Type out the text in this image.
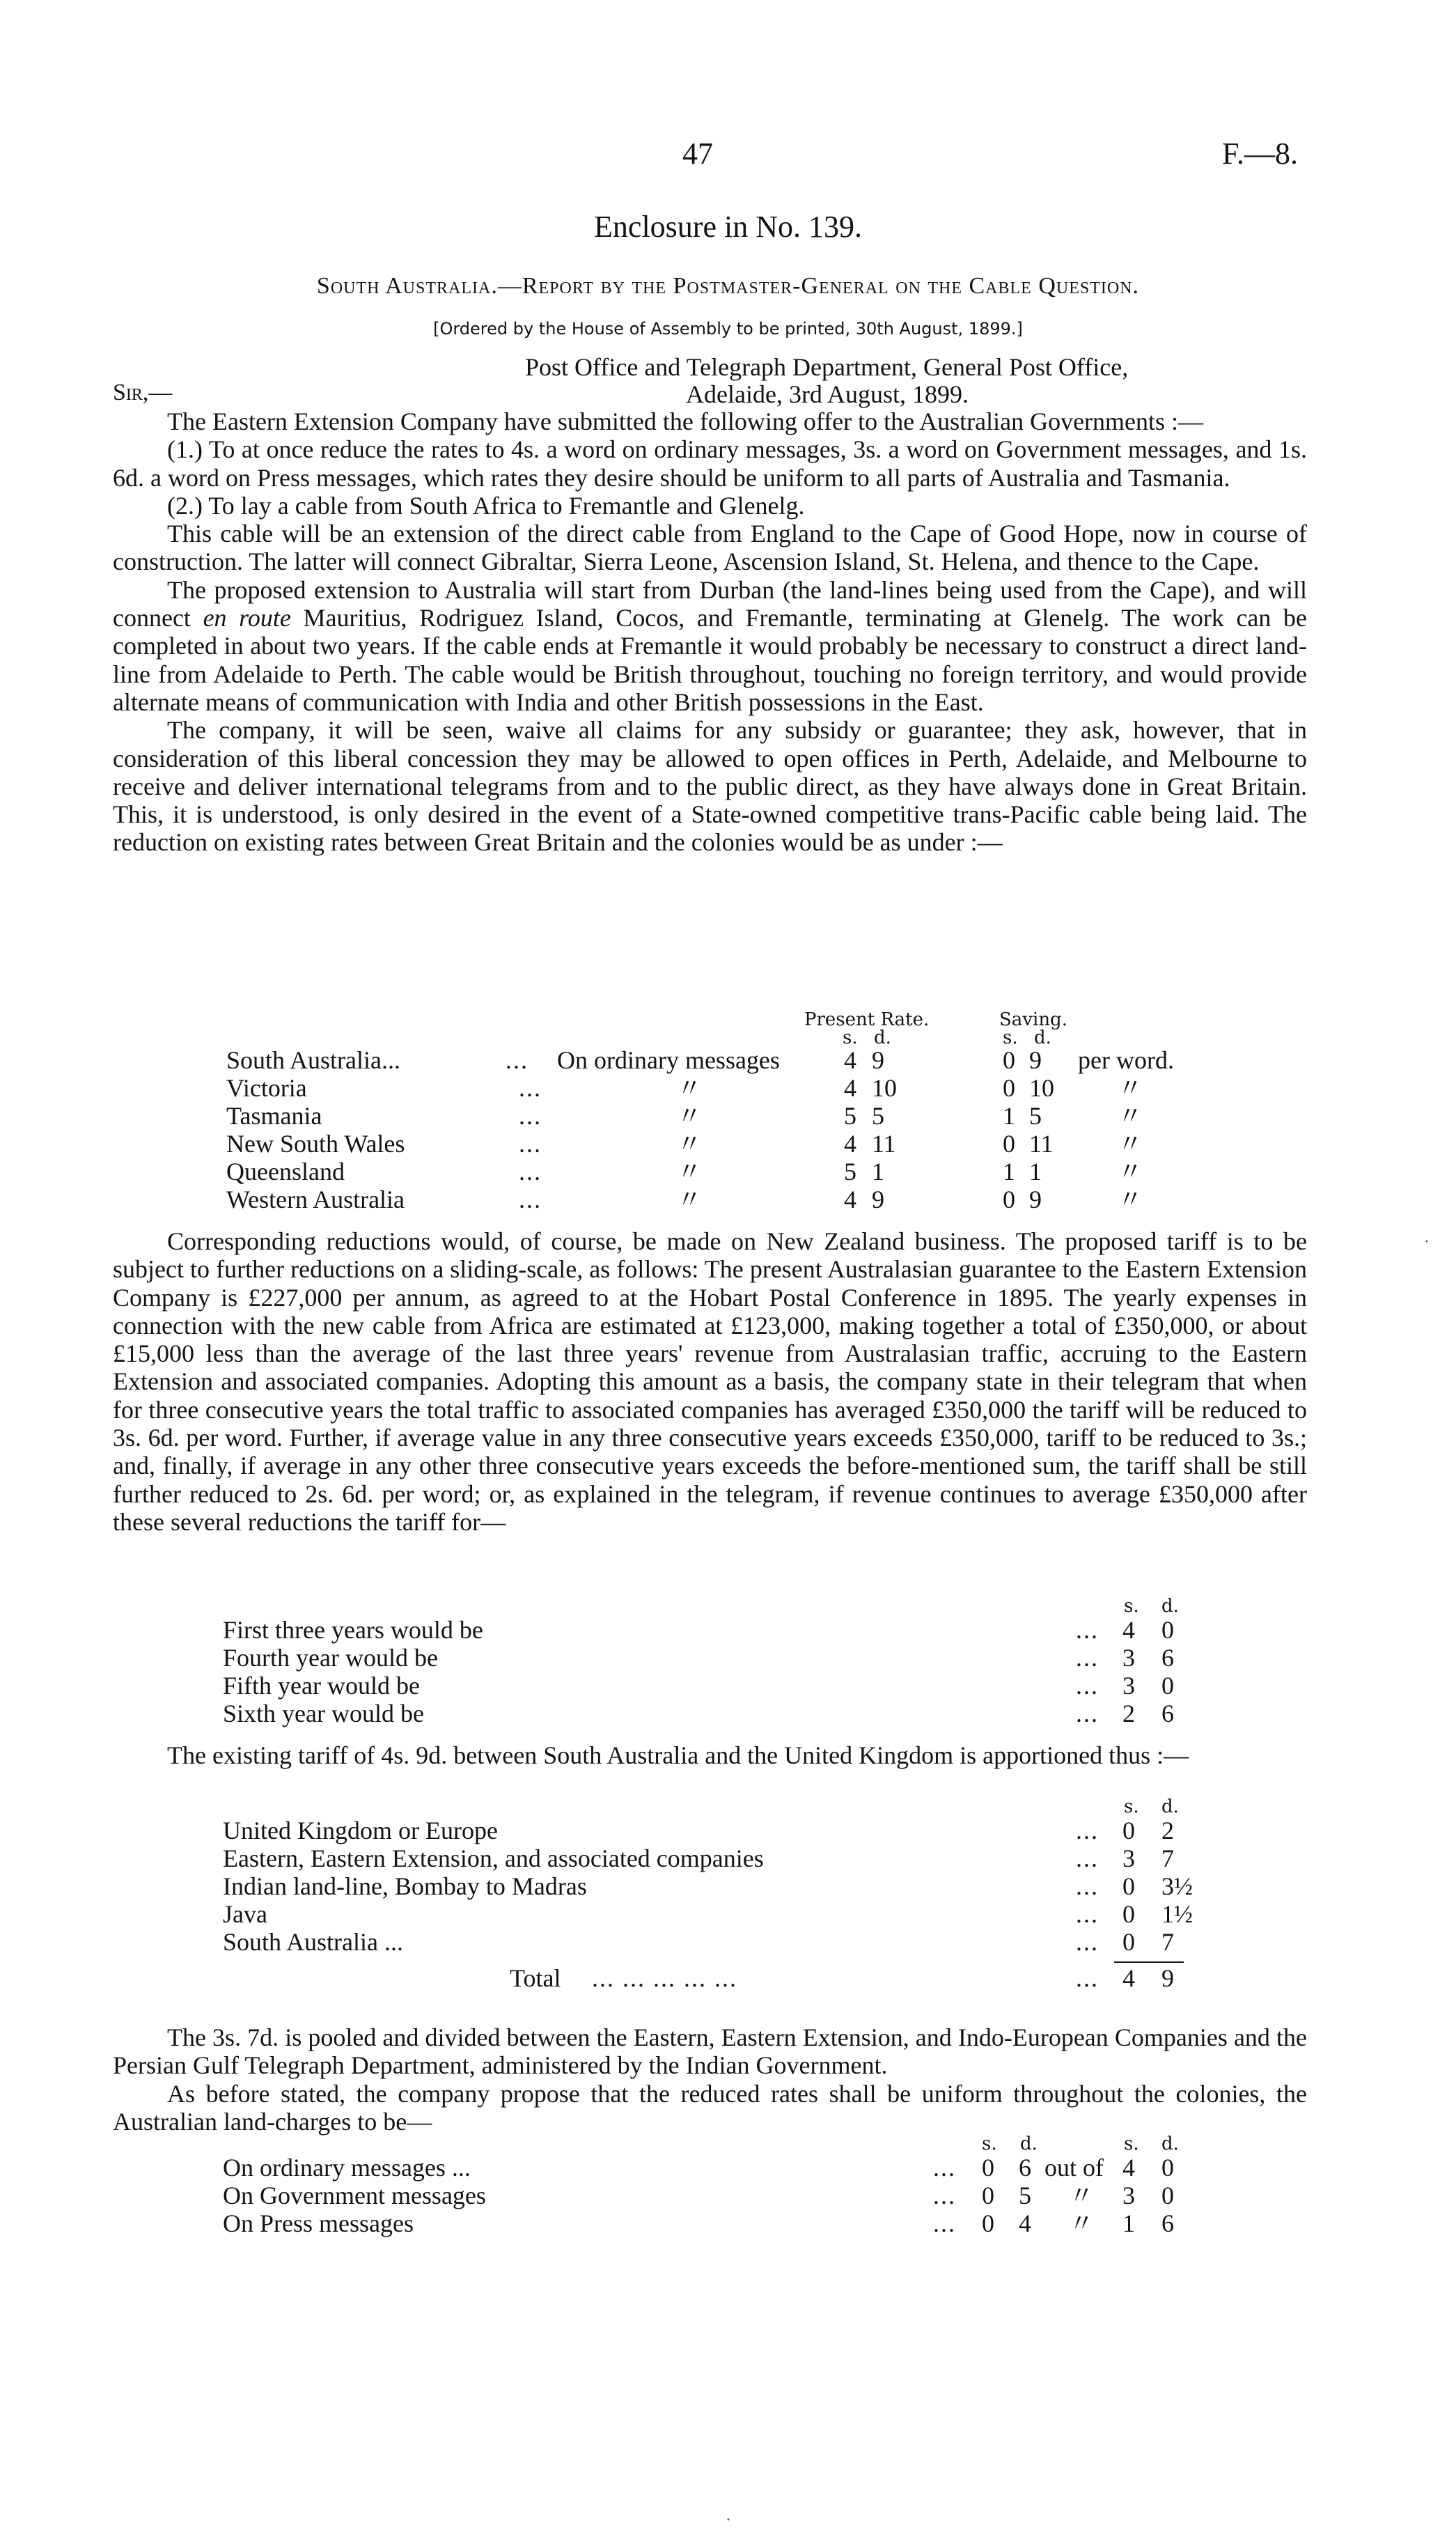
47	F.—8.
Enclosure in No. 139.
South Australia.—Report by the Postmaster-General on the Cable Question.
[Ordered by the House of Assembly to be printed, 30th August, 1899.]
Post Office and Telegraph Department, General Post Office,
Adelaide, 3rd August, 1899.
Sir,—

The Eastern Extension Company have submitted the following offer to the Australian Governments :—

(1.) To at once reduce the rates to 4s. a word on ordinary messages, 3s. a word on Government messages, and 1s. 6d. a word on Press messages, which rates they desire should be uniform to all parts of Australia and Tasmania.

(2.) To lay a cable from South Africa to Fremantle and Glenelg.

This cable will be an extension of the direct cable from England to the Cape of Good Hope, now in course of construction. The latter will connect Gibraltar, Sierra Leone, Ascension Island, St. Helena, and thence to the Cape.

The proposed extension to Australia will start from Durban (the land-lines being used from the Cape), and will connect en route Mauritius, Rodriguez Island, Cocos, and Fremantle, terminating at Glenelg. The work can be completed in about two years. If the cable ends at Fremantle it would probably be necessary to construct a direct land-line from Adelaide to Perth. The cable would be British throughout, touching no foreign territory, and would provide alternate means of communication with India and other British possessions in the East.

The company, it will be seen, waive all claims for any subsidy or guarantee; they ask, however, that in consideration of this liberal concession they may be allowed to open offices in Perth, Adelaide, and Melbourne to receive and deliver international telegrams from and to the public direct, as they have always done in Great Britain. This, it is understood, is only desired in the event of a State-owned competitive trans-Pacific cable being laid. The reduction on existing rates between Great Britain and the colonies would be as under :—

Present Rate.	Saving.
s. d.	s. d.
South Australia...	... On ordinary messages	4 9	0 9 per word.
Victoria	...	〃	4 10	0 10	〃
Tasmania	...	〃	5 5	1 5	〃
New South Wales	...	〃	4 11	0 11	〃
Queensland	...	〃	5 1	1 1	〃
Western Australia	...	〃	4 9	0 9	〃

Corresponding reductions would, of course, be made on New Zealand business. The proposed tariff is to be subject to further reductions on a sliding-scale, as follows: The present Australasian guarantee to the Eastern Extension Company is £227,000 per annum, as agreed to at the Hobart Postal Conference in 1895. The yearly expenses in connection with the new cable from Africa are estimated at £123,000, making together a total of £350,000, or about £15,000 less than the average of the last three years' revenue from Australasian traffic, accruing to the Eastern Extension and associated companies. Adopting this amount as a basis, the company state in their telegram that when for three consecutive years the total traffic to associated companies has averaged £350,000 the tariff will be reduced to 3s. 6d. per word. Further, if average value in any three consecutive years exceeds £350,000, tariff to be reduced to 3s.; and, finally, if average in any other three consecutive years exceeds the before-mentioned sum, the tariff shall be still further reduced to 2s. 6d. per word; or, as explained in the telegram, if revenue continues to average £350,000 after these several reductions the tariff for—

s. d.
First three years would be	... 4 0
Fourth year would be	... 3 6
Fifth year would be	... 3 0
Sixth year would be	... 2 6

The existing tariff of 4s. 9d. between South Australia and the United Kingdom is apportioned thus :—

s. d.
United Kingdom or Europe	... 0 2
Eastern, Eastern Extension, and associated companies	... 3 7
Indian land-line, Bombay to Madras	... 0 3½
Java	... 0 1½
South Australia ...	... 0 7
Total ... ... ... ... ...	... 4 9

The 3s. 7d. is pooled and divided between the Eastern, Eastern Extension, and Indo-European Companies and the Persian Gulf Telegraph Department, administered by the Indian Government.

As before stated, the company propose that the reduced rates shall be uniform throughout the colonies, the Australian land-charges to be—

s. d.	s. d.
On ordinary messages ...	... 0 6 out of 4 0
On Government messages	... 0 5 〃 3 0
On Press messages	... 0 4 〃 1 6
·
·
